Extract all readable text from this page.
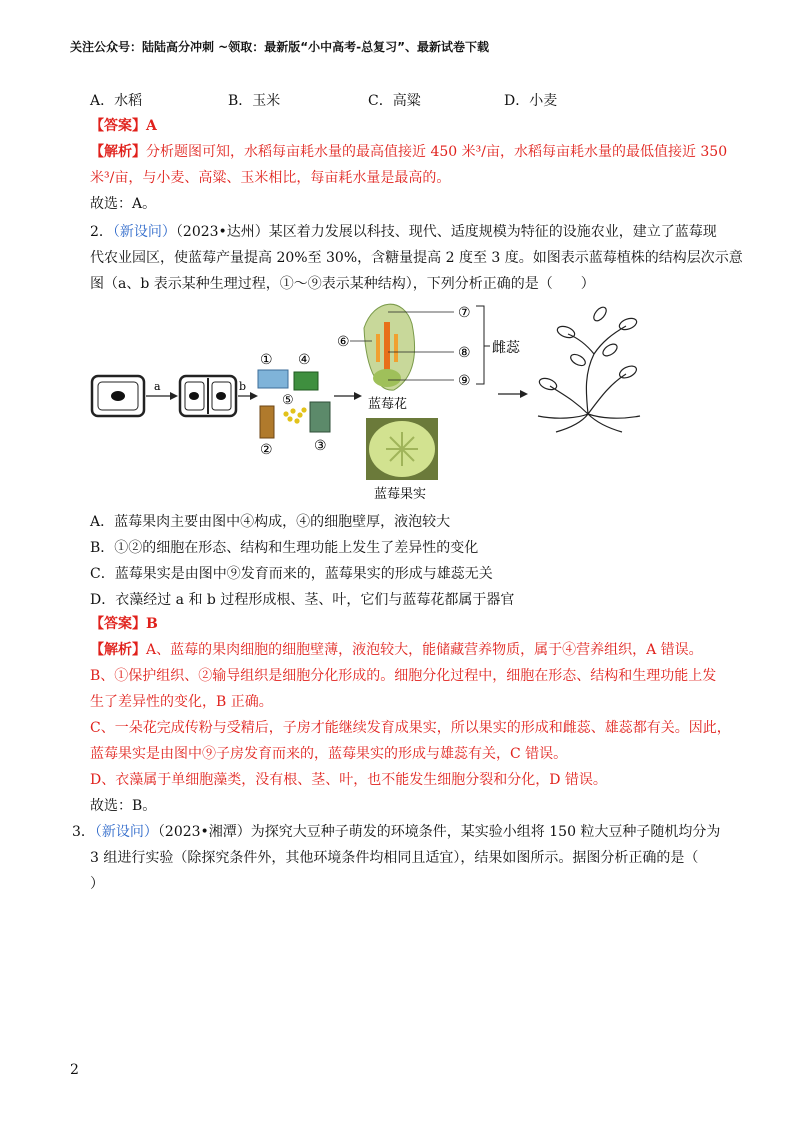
关注公众号：陆陆高分冲刺 ~领取：最新版“小中高考-总复习”、最新试卷下载
A．水稻	B．玉米	C．高粱	D．小麦
【答案】A
【解析】分析题图可知，水稻每亩耗水量的最高值接近 450 米³/亩，水稻每亩耗水量的最低值接近 350
米³/亩，与小麦、高粱、玉米相比，每亩耗水量是最高的。
故选：A。
2．（新设问）（2023•达州）某区着力发展以科技、现代、适度规模为特征的设施农业，建立了蓝莓现
代农业园区，使蓝莓产量提高 20%至 30%，含糖量提高 2 度至 3 度。如图表示蓝莓植株的结构层次示意
图（a、b 表示某种生理过程，①～⑨表示某种结构），下列分析正确的是（　　）
a	b
① ④
⑤
②	③
⑥
⑦
⑧
⑨
雌蕊
蓝莓花
蓝莓果实
A．蓝莓果肉主要由图中④构成，④的细胞壁厚，液泡较大
B．①②的细胞在形态、结构和生理功能上发生了差异性的变化
C．蓝莓果实是由图中⑨发育而来的，蓝莓果实的形成与雄蕊无关
D．衣藻经过 a 和 b 过程形成根、茎、叶，它们与蓝莓花都属于器官
【答案】B
【解析】A、蓝莓的果肉细胞的细胞壁薄，液泡较大，能储藏营养物质，属于④营养组织，A 错误。
B、①保护组织、②输导组织是细胞分化形成的。细胞分化过程中，细胞在形态、结构和生理功能上发
生了差异性的变化，B 正确。
C、一朵花完成传粉与受精后，子房才能继续发育成果实，所以果实的形成和雌蕊、雄蕊都有关。因此，
蓝莓果实是由图中⑨子房发育而来的，蓝莓果实的形成与雄蕊有关，C 错误。
D、衣藻属于单细胞藻类，没有根、茎、叶，也不能发生细胞分裂和分化，D 错误。
故选：B。
3．（新设问）（2023•湘潭）为探究大豆种子萌发的环境条件，某实验小组将 150 粒大豆种子随机均分为
3 组进行实验（除探究条件外，其他环境条件均相同且适宜），结果如图所示。据图分析正确的是（
）
2
